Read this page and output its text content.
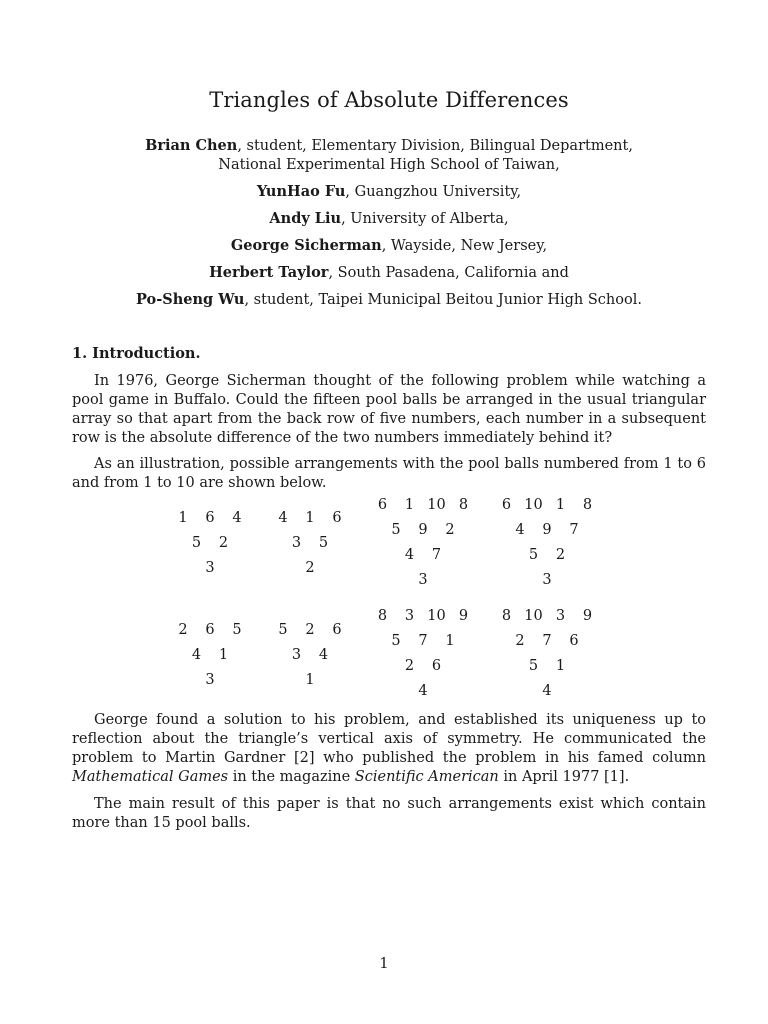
Triangles of Absolute Differences
Brian Chen, student, Elementary Division, Bilingual Department,
National Experimental High School of Taiwan,
YunHao Fu, Guangzhou University,
Andy Liu, University of Alberta,
George Sicherman, Wayside, New Jersey,
Herbert Taylor, South Pasadena, California and
Po-Sheng Wu, student, Taipei Municipal Beitou Junior High School.
1. Introduction.
In 1976, George Sicherman thought of the following problem while watching a pool game in Buffalo. Could the fifteen pool balls be arranged in the usual triangular array so that apart from the back row of five numbers, each number in a subsequent row is the absolute difference of the two numbers immediately behind it?
As an illustration, possible arrangements with the pool balls numbered from 1 to 6 and from 1 to 10 are shown below.
1 6 4
5 2
3
4 1 6
3 5
2
6 1 10 8
5 9 2
4 7
3
6 10 1 8
4 9 7
5 2
3
2 6 5
4 1
3
5 2 6
3 4
1
8 3 10 9
5 7 1
2 6
4
8 10 3 9
2 7 6
5 1
4
George found a solution to his problem, and established its uniqueness up to reflection about the triangle’s vertical axis of symmetry. He communicated the problem to Martin Gardner [2] who published the problem in his famed column Mathematical Games in the magazine Scientific American in April 1977 [1].
The main result of this paper is that no such arrangements exist which contain more than 15 pool balls.
1
